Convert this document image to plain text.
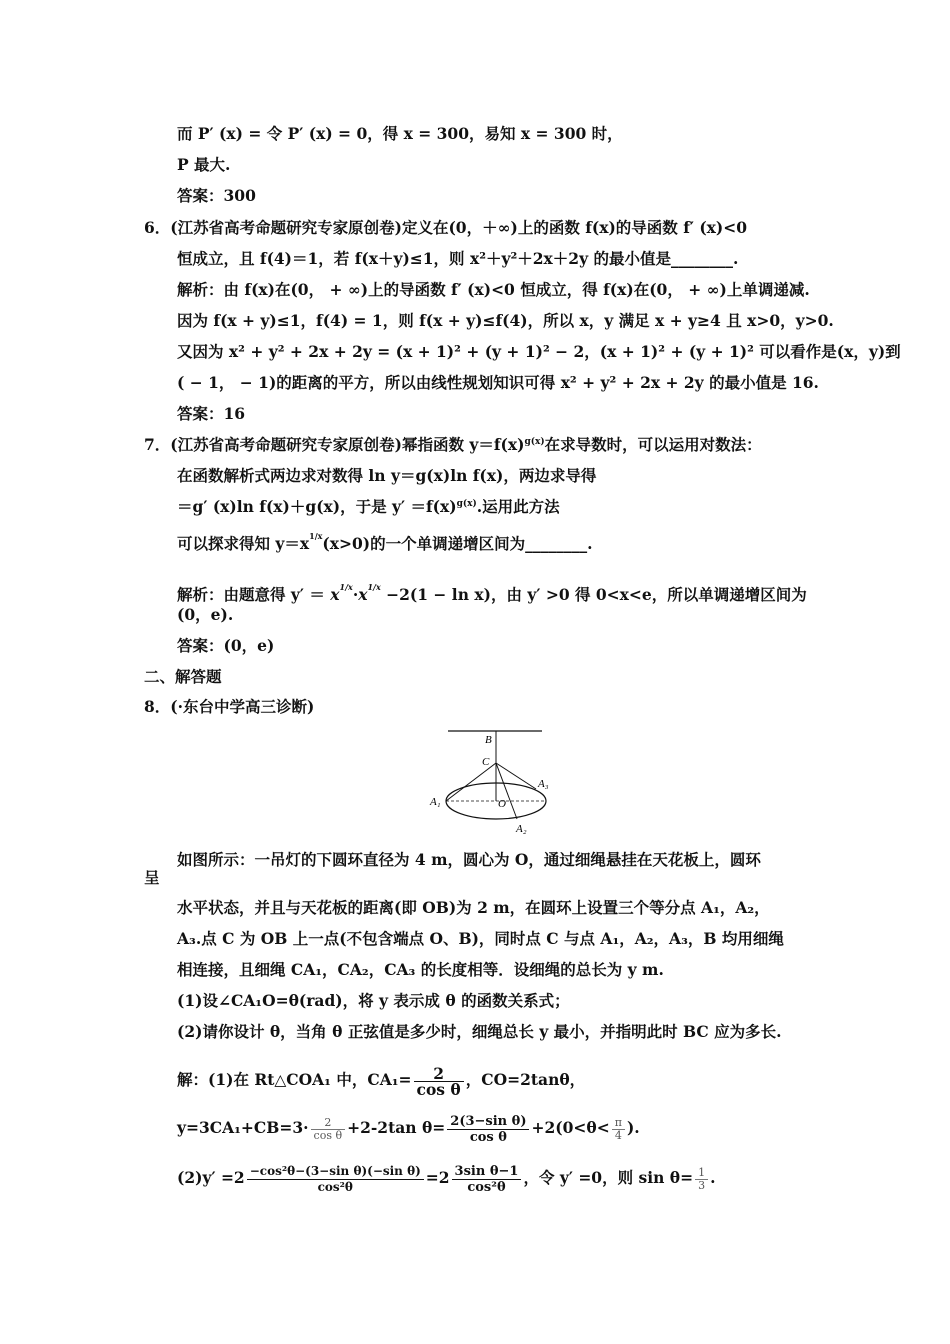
而 P′ (x) = 令 P′ (x) = 0，得 x = 300，易知 x = 300 时，
P 最大.
答案：300
6．(江苏省高考命题研究专家原创卷)定义在(0，＋∞)上的函数 f(x)的导函数 f′ (x)<0
恒成立，且 f(4)＝1，若 f(x＋y)≤1，则 x²＋y²＋2x＋2y 的最小值是________.
解析：由 f(x)在(0， + ∞)上的导函数 f′ (x)<0 恒成立，得 f(x)在(0， + ∞)上单调递减.
因为 f(x + y)≤1，f(4) = 1，则 f(x + y)≤f(4)，所以 x，y 满足 x + y≥4 且 x>0，y>0.
又因为 x² + y² + 2x + 2y = (x + 1)² + (y + 1)² − 2，(x + 1)² + (y + 1)² 可以看作是(x，y)到
( − 1， − 1)的距离的平方，所以由线性规划知识可得 x² + y² + 2x + 2y 的最小值是 16.
答案：16
7．(江苏省高考命题研究专家原创卷)幂指函数 $y=f(x)^{g(x)}$在求导数时，可以运用对数法：
在函数解析式两边求对数得 ln y＝g(x)ln f(x)，两边求导得
＝g′ (x)ln f(x)＋g(x)，于是 $y' =f(x)^{g(x)}$.运用此方法
可以探求得知 $y=x^{1/x}(x>0)$的一个单调递增区间为________.
解析：由题意得 $y' = x^{1/x}\cdot x^{1/x} -2(1 - \ln x)$，由 y′ >0 得 0<x<e，所以单调递增区间为
(0，e).
答案：(0，e)
二、解答题
8．(·东台中学高三诊断)
B
C
O
A₁
A₂
A₃
如图所示：一吊灯的下圆环直径为 4 m，圆心为 O，通过细绳悬挂在天花板上，圆环
呈
水平状态，并且与天花板的距离(即 OB)为 2 m，在圆环上设置三个等分点 A₁，A₂，
A₃.点 C 为 OB 上一点(不包含端点 O、B)，同时点 C 与点 A₁，A₂，A₃，B 均用细绳
相连接，且细绳 CA₁，CA₂，CA₃ 的长度相等．设细绳的总长为 y m.
(1)设∠CA₁O=θ(rad)，将 y 表示成 θ 的函数关系式；
(2)请你设计 θ，当角 θ 正弦值是多少时，细绳总长 y 最小，并指明此时 BC 应为多长.
解：(1)在 Rt△COA₁ 中，$CA_1= \frac{2}{\text{cos θ}}$ ，CO=2tanθ，
$y=3CA_1+CB=3\cdot \frac{2}{\text{cos θ}} +2-2\tan$ $\theta= \frac{\text{2(3−sin θ)}}{\text{cos θ}} +2(0<\theta< \frac{\pi}{4}$ ).
$(2)y' =2 \frac{\text{−cos²θ−(3−sin θ)(−sin θ)}}{\text{cos²θ}} =2 \frac{\text{3sin θ−1}}{\text{cos²θ}}$ ，令 y′ =0，则 $\sin \theta= \frac{1}{3}$ .
